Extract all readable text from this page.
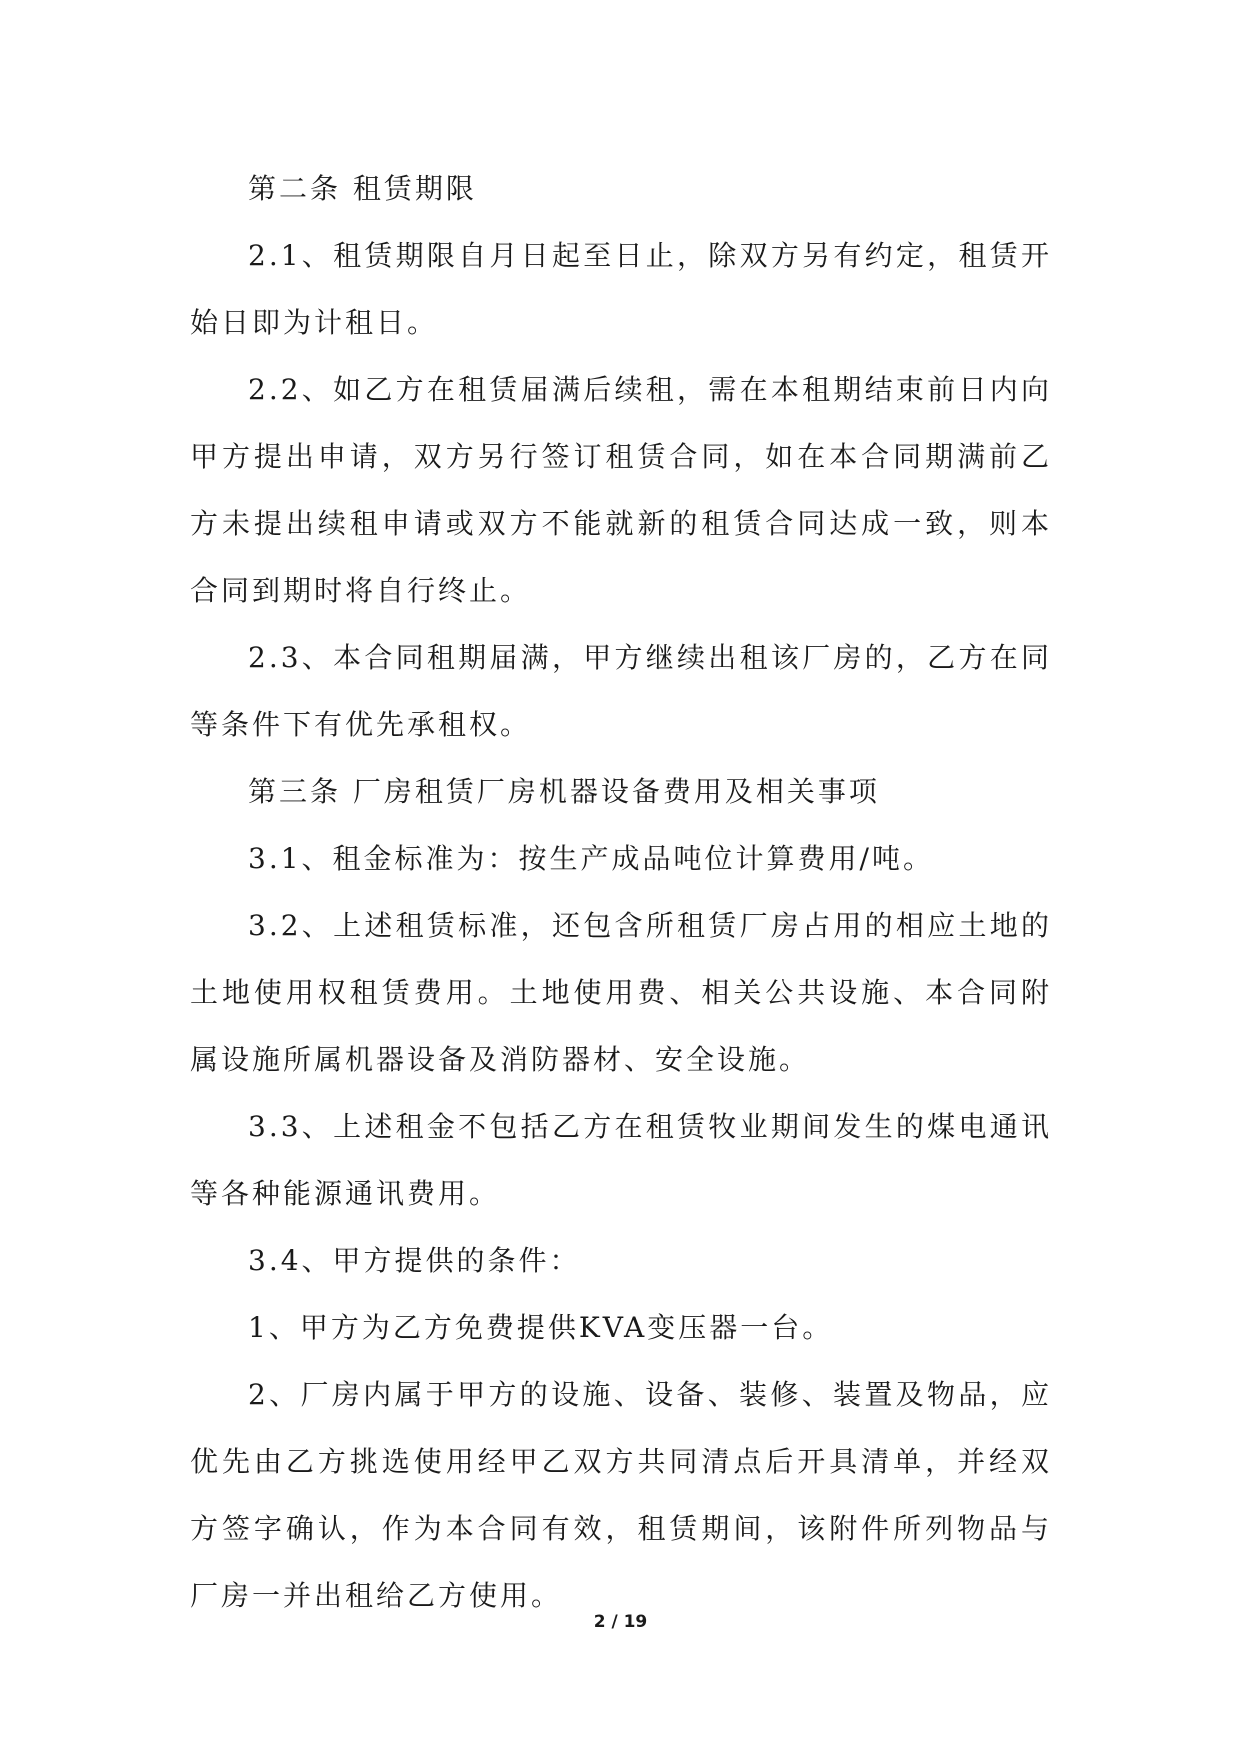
第二条 租赁期限

2.1、租赁期限自月日起至日止，除双方另有约定，租赁开始日即为计租日。

2.2、如乙方在租赁届满后续租，需在本租期结束前日内向甲方提出申请，双方另行签订租赁合同，如在本合同期满前乙方未提出续租申请或双方不能就新的租赁合同达成一致，则本合同到期时将自行终止。

2.3、本合同租期届满，甲方继续出租该厂房的，乙方在同等条件下有优先承租权。

第三条 厂房租赁厂房机器设备费用及相关事项

3.1、租金标准为：按生产成品吨位计算费用/吨。

3.2、上述租赁标准，还包含所租赁厂房占用的相应土地的土地使用权租赁费用。土地使用费、相关公共设施、本合同附属设施所属机器设备及消防器材、安全设施。

3.3、上述租金不包括乙方在租赁牧业期间发生的煤电通讯等各种能源通讯费用。

3.4、甲方提供的条件：

1、甲方为乙方免费提供KVA变压器一台。

2、厂房内属于甲方的设施、设备、装修、装置及物品，应优先由乙方挑选使用经甲乙双方共同清点后开具清单，并经双方签字确认，作为本合同有效，租赁期间，该附件所列物品与厂房一并出租给乙方使用。

2 / 19
